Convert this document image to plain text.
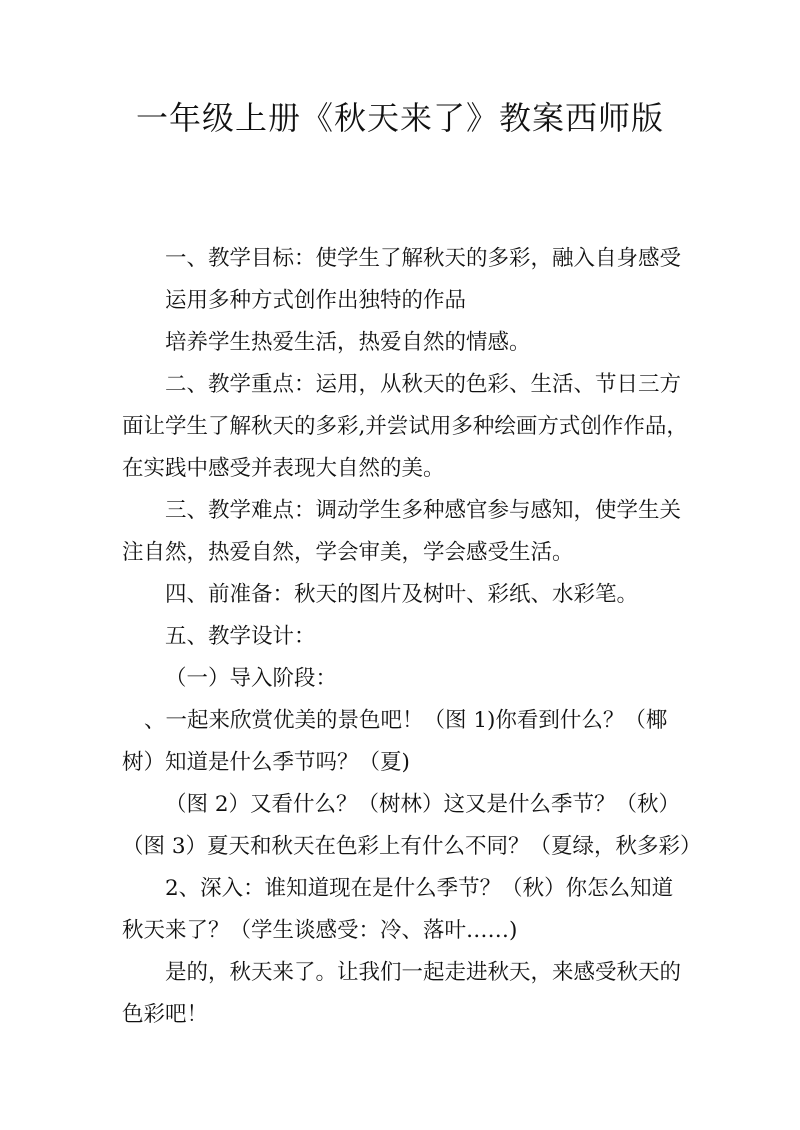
一年级上册《秋天来了》教案西师版

一、教学目标：使学生了解秋天的多彩，融入自身感受

运用多种方式创作出独特的作品

培养学生热爱生活，热爱自然的情感。

二、教学重点：运用，从秋天的色彩、生活、节日三方

面让学生了解秋天的多彩,并尝试用多种绘画方式创作作品，

在实践中感受并表现大自然的美。

三、教学难点：调动学生多种感官参与感知，使学生关

注自然，热爱自然，学会审美，学会感受生活。

四、前准备：秋天的图片及树叶、彩纸、水彩笔。

五、教学设计：

（一）导入阶段：

、一起来欣赏优美的景色吧！（图 1)你看到什么？（椰

树）知道是什么季节吗？（夏)

（图 2）又看什么？（树林）这又是什么季节？（秋）

（图 3）夏天和秋天在色彩上有什么不同？（夏绿，秋多彩）

2、深入：谁知道现在是什么季节？（秋）你怎么知道

秋天来了？（学生谈感受：冷、落叶……)

是的，秋天来了。让我们一起走进秋天，来感受秋天的

色彩吧！
